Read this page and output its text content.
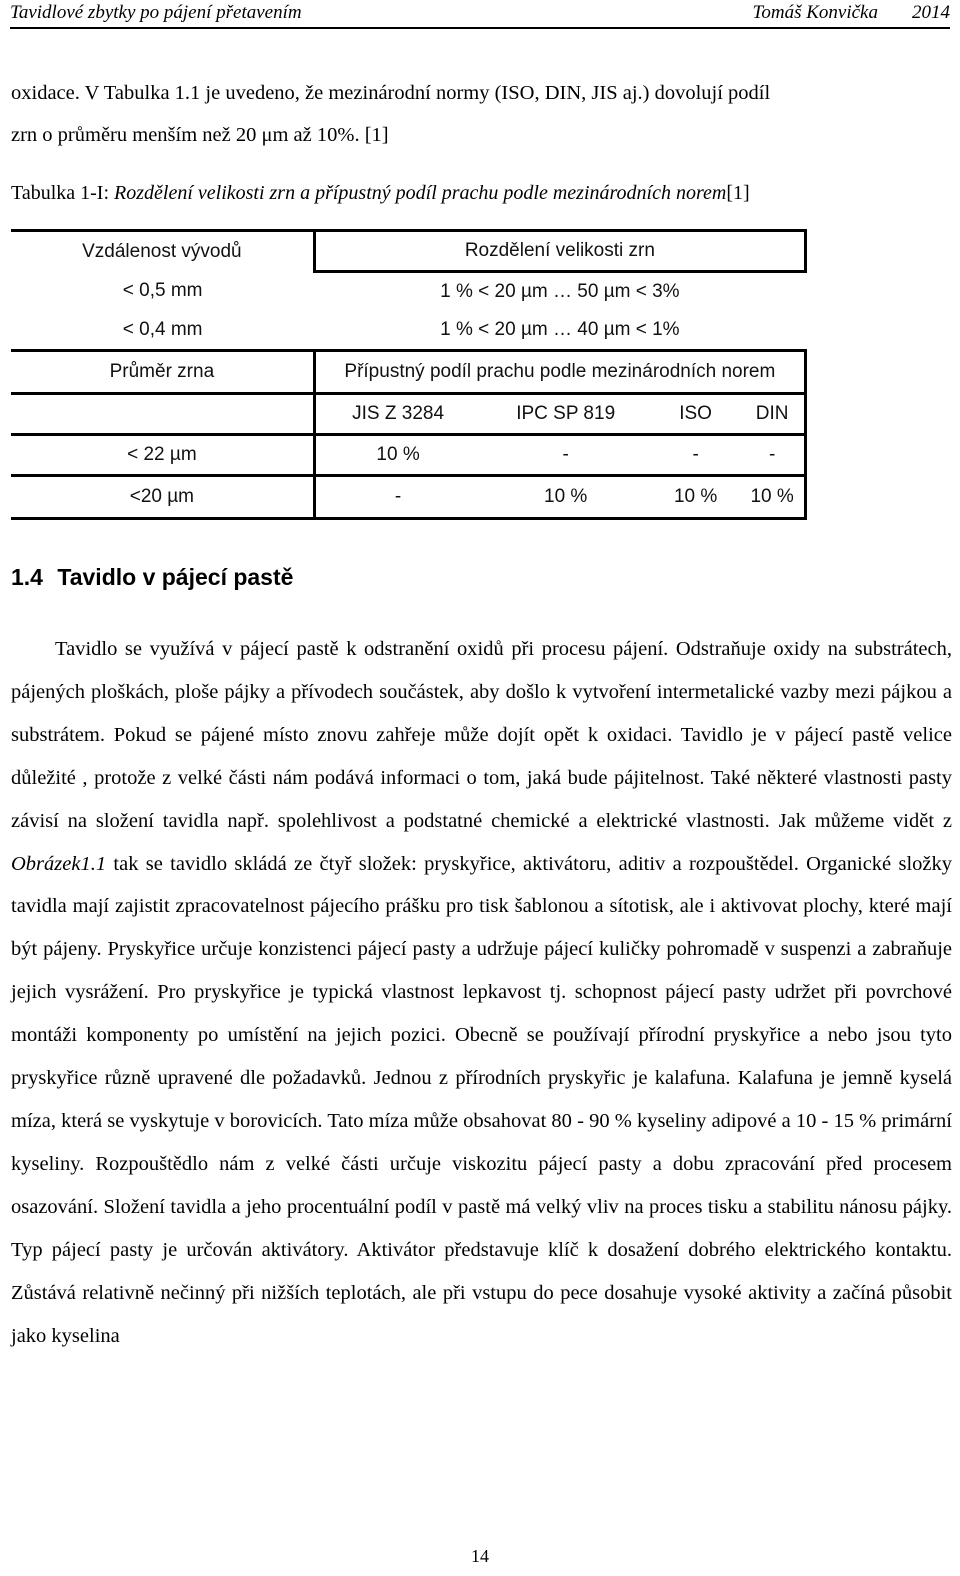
Tavidlové zbytky po pájení přetavením	Tomáš Konvička 2014
oxidace. V Tabulka 1.1 je uvedeno, že mezinárodní normy (ISO, DIN, JIS aj.) dovolují podíl
zrn o průměru menším než 20 μm až 10%. [1]
Tabulka 1-I: Rozdělení velikosti zrn a přípustný podíl prachu podle mezinárodních norem[1]
Vzdálenost vývodů	Rozdělení velikosti zrn			
< 0,5 mm	1 % < 20 µm … 50 µm < 3%			
< 0,4 mm	1 % < 20 µm … 40 µm < 1%			
Průměr zrna	Přípustný podíl prachu podle mezinárodních norem			
	JIS Z 3284	IPC SP 819	ISO	DIN
< 22 µm	10 %	-	-	-
<20 µm	-	10 %	10 %	10 %
1.4 Tavidlo v pájecí pastě

Tavidlo se využívá v pájecí pastě k odstranění oxidů při procesu pájení. Odstraňuje oxidy na substrátech, pájených ploškách, ploše pájky a přívodech součástek, aby došlo k vytvoření intermetalické vazby mezi pájkou a substrátem. Pokud se pájené místo znovu zahřeje může dojít opět k oxidaci. Tavidlo je v pájecí pastě velice důležité , protože z velké části nám podává informaci o tom, jaká bude pájitelnost. Také některé vlastnosti pasty závisí na složení tavidla např. spolehlivost a podstatné chemické a elektrické vlastnosti. Jak můžeme vidět z Obrázek1.1 tak se tavidlo skládá ze čtyř složek: pryskyřice, aktivátoru, aditiv a rozpouštědel. Organické složky tavidla mají zajistit zpracovatelnost pájecího prášku pro tisk šablonou a sítotisk, ale i aktivovat plochy, které mají být pájeny. Pryskyřice určuje konzistenci pájecí pasty a udržuje pájecí kuličky pohromadě v suspenzi a zabraňuje jejich vysrážení. Pro pryskyřice je typická vlastnost lepkavost tj. schopnost pájecí pasty udržet při povrchové montáži komponenty po umístění na jejich pozici. Obecně se používají přírodní pryskyřice a nebo jsou tyto pryskyřice různě upravené dle požadavků. Jednou z přírodních pryskyřic je kalafuna. Kalafuna je jemně kyselá míza, která se vyskytuje v borovicích. Tato míza může obsahovat 80 - 90 % kyseliny adipové a 10 - 15 % primární kyseliny. Rozpouštědlo nám z velké části určuje viskozitu pájecí pasty a dobu zpracování před procesem osazování. Složení tavidla a jeho procentuální podíl v pastě má velký vliv na proces tisku a stabilitu nánosu pájky. Typ pájecí pasty je určován aktivátory. Aktivátor představuje klíč k dosažení dobrého elektrického kontaktu. Zůstává relativně nečinný při nižších teplotách, ale při vstupu do pece dosahuje vysoké aktivity a začíná působit jako kyselina

14
